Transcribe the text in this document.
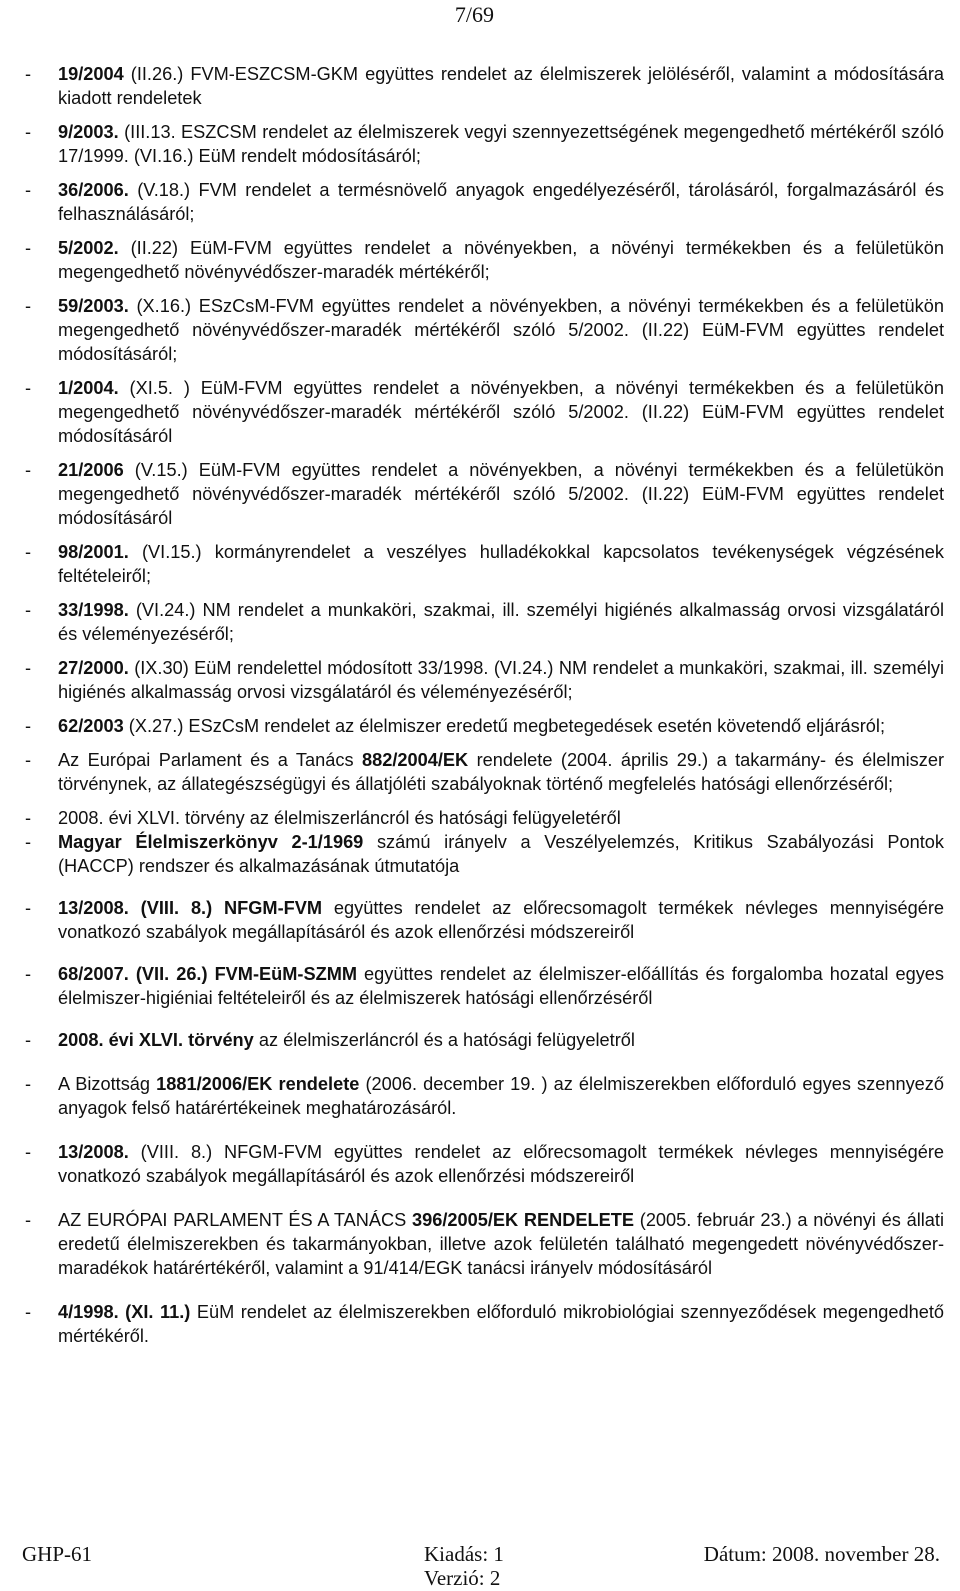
7/69
- 19/2004 (II.26.) FVM-ESZCSM-GKM együttes rendelet az élelmiszerek jelöléséről, valamint a módosítására kiadott rendeletek
- 9/2003. (III.13. ESZCSM rendelet az élelmiszerek vegyi szennyezettségének megengedhető mértékéről szóló 17/1999. (VI.16.) EüM rendelt módosításáról;
- 36/2006. (V.18.) FVM rendelet a termésnövelő anyagok engedélyezéséről, tárolásáról, forgalmazásáról és felhasználásáról;
- 5/2002. (II.22) EüM-FVM együttes rendelet a növényekben, a növényi termékekben és a felületükön megengedhető növényvédőszer-maradék mértékéről;
- 59/2003. (X.16.) ESzCsM-FVM együttes rendelet a növényekben, a növényi termékekben és a felületükön megengedhető növényvédőszer-maradék mértékéről szóló 5/2002. (II.22) EüM-FVM együttes rendelet módosításáról;
- 1/2004. (XI.5. ) EüM-FVM együttes rendelet a növényekben, a növényi termékekben és a felületükön megengedhető növényvédőszer-maradék mértékéről szóló 5/2002. (II.22) EüM-FVM együttes rendelet módosításáról
- 21/2006 (V.15.) EüM-FVM együttes rendelet a növényekben, a növényi termékekben és a felületükön megengedhető növényvédőszer-maradék mértékéről szóló 5/2002. (II.22) EüM-FVM együttes rendelet módosításáról
- 98/2001. (VI.15.) kormányrendelet a veszélyes hulladékokkal kapcsolatos tevékenységek végzésének feltételeiről;
- 33/1998. (VI.24.) NM rendelet a munkaköri, szakmai, ill. személyi higiénés alkalmasság orvosi vizsgálatáról és véleményezéséről;
- 27/2000. (IX.30) EüM rendelettel módosított 33/1998. (VI.24.) NM rendelet a munkaköri, szakmai, ill. személyi higiénés alkalmasság orvosi vizsgálatáról és véleményezéséről;
- 62/2003 (X.27.) ESzCsM rendelet az élelmiszer eredetű megbetegedések esetén követendő eljárásról;
- Az Európai Parlament és a Tanács 882/2004/EK rendelete (2004. április 29.) a takarmány- és élelmiszer törvénynek, az állategészségügyi és állatjóléti szabályoknak történő megfelelés hatósági ellenőrzéséről;
- 2008. évi XLVI. törvény az élelmiszerláncról és hatósági felügyeletéről
- Magyar Élelmiszerkönyv 2-1/1969 számú irányelv a Veszélyelemzés, Kritikus Szabályozási Pontok (HACCP) rendszer és alkalmazásának útmutatója
- 13/2008. (VIII. 8.) NFGM-FVM együttes rendelet az előrecsomagolt termékek névleges mennyiségére vonatkozó szabályok megállapításáról és azok ellenőrzési módszereiről
- 68/2007. (VII. 26.) FVM-EüM-SZMM együttes rendelet az élelmiszer-előállítás és forgalomba hozatal egyes élelmiszer-higiéniai feltételeiről és az élelmiszerek hatósági ellenőrzéséről
- 2008. évi XLVI. törvény az élelmiszerláncról és a hatósági felügyeletről
- A Bizottság 1881/2006/EK rendelete (2006. december 19. ) az élelmiszerekben előforduló egyes szennyező anyagok felső határértékeinek meghatározásáról.
- 13/2008. (VIII. 8.) NFGM-FVM együttes rendelet az előrecsomagolt termékek névleges mennyiségére vonatkozó szabályok megállapításáról és azok ellenőrzési módszereiről
- AZ EURÓPAI PARLAMENT ÉS A TANÁCS 396/2005/EK RENDELETE (2005. február 23.) a növényi és állati eredetű élelmiszerekben és takarmányokban, illetve azok felületén található megengedett növényvédőszer-maradékok határértékéről, valamint a 91/414/EGK tanácsi irányelv módosításáról
- 4/1998. (XI. 11.) EüM rendelet az élelmiszerekben előforduló mikrobiológiai szennyeződések megengedhető mértékéről.
GHP-61	Kiadás: 1
Verzió: 2
Dátum: 2008. november 28.
